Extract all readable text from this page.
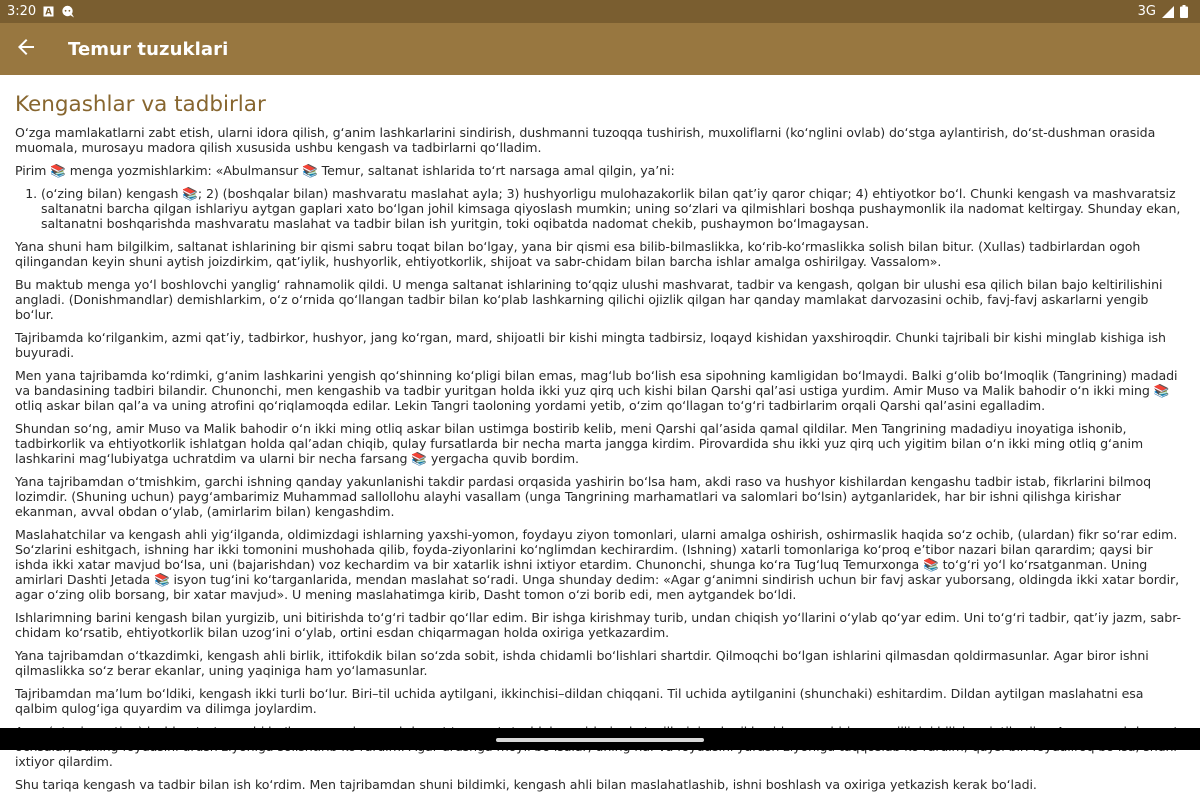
3:20 A	3G
Temur tuzuklari
Kengashlar va tadbirlar

O‘zga mamlakatlarni zabt etish, ularni idora qilish, g‘anim lashkarlarini sindirish, dushmanni tuzoqqa tushirish, muxoliflarni (ko‘nglini ovlab) do‘stga aylantirish, do‘st-dushman orasida muomala, murosayu madora qilish xususida ushbu kengash va tadbirlarni qo‘lladim.

Pirim 📚 menga yozmishlarkim: «Abulmansur 📚 Temur, saltanat ishlarida to‘rt narsaga amal qilgin, ya’ni:

1. (o‘zing bilan) kengash 📚; 2) (boshqalar bilan) mashvaratu maslahat ayla; 3) hushyorligu mulohazakorlik bilan qat’iy qaror chiqar; 4) ehtiyotkor bo‘l. Chunki kengash va mashvaratsiz saltanatni barcha qilgan ishlariyu aytgan gaplari xato bo‘lgan johil kimsaga qiyoslash mumkin; uning so‘zlari va qilmishlari boshqa pushaymonlik ila nadomat keltirgay. Shunday ekan, saltanatni boshqarishda mashvaratu maslahat va tadbir bilan ish yuritgin, toki oqibatda nadomat chekib, pushaymon bo‘lmagaysan.

Yana shuni ham bilgilkim, saltanat ishlarining bir qismi sabru toqat bilan bo‘lgay, yana bir qismi esa bilib-bilmaslikka, ko‘rib-ko‘rmaslikka solish bilan bitur. (Xullas) tadbirlardan ogoh qilingandan keyin shuni aytish joizdirkim, qat’iylik, hushyorlik, ehtiyotkorlik, shijoat va sabr-chidam bilan barcha ishlar amalga oshirilgay. Vassalom».

Bu maktub menga yo‘l boshlovchi yanglig‘ rahnamolik qildi. U menga saltanat ishlarining to‘qqiz ulushi mashvarat, tadbir va kengash, qolgan bir ulushi esa qilich bilan bajo keltirilishini angladi. (Donishmandlar) demishlarkim, o‘z o‘rnida qo‘llangan tadbir bilan ko‘plab lashkarning qilichi ojizlik qilgan har qanday mamlakat darvozasini ochib, favj-favj askarlarni yengib bo‘lur.

Tajribamda ko‘rilgankim, azmi qat’iy, tadbirkor, hushyor, jang ko‘rgan, mard, shijoatli bir kishi mingta tadbirsiz, loqayd kishidan yaxshiroqdir. Chunki tajribali bir kishi minglab kishiga ish buyuradi.

Men yana tajribamda ko‘rdimki, g‘anim lashkarini yengish qo‘shinning ko‘pligi bilan emas, mag‘lub bo‘lish esa sipohning kamligidan bo‘lmaydi. Balki g‘olib bo‘lmoqlik (Tangrining) madadi va bandasining tadbiri bilandir. Chunonchi, men kengashib va tadbir yuritgan holda ikki yuz qirq uch kishi bilan Qarshi qal’asi ustiga yurdim. Amir Muso va Malik bahodir o‘n ikki ming 📚 otliq askar bilan qal’a va uning atrofini qo‘riqlamoqda edilar. Lekin Tangri taoloning yordami yetib, o‘zim qo‘llagan to‘g‘ri tadbirlarim orqali Qarshi qal’asini egalladim.

Shundan so‘ng, amir Muso va Malik bahodir o‘n ikki ming otliq askar bilan ustimga bostirib kelib, meni Qarshi qal’asida qamal qildilar. Men Tangrining madadiyu inoyatiga ishonib, tadbirkorlik va ehtiyotkorlik ishlatgan holda qal’adan chiqib, qulay fursatlarda bir necha marta jangga kirdim. Pirovardida shu ikki yuz qirq uch yigitim bilan o‘n ikki ming otliq g‘anim lashkarini mag‘lubiyatga uchratdim va ularni bir necha farsang 📚 yergacha quvib bordim.

Yana tajribamdan o‘tmishkim, garchi ishning qanday yakunlanishi takdir pardasi orqasida yashirin bo‘lsa ham, akdi raso va hushyor kishilardan kengashu tadbir istab, fikrlarini bilmoq lozimdir. (Shuning uchun) payg‘ambarimiz Muhammad sallollohu alayhi vasallam (unga Tangrining marhamatlari va salomlari bo‘lsin) aytganlaridek, har bir ishni qilishga kirishar ekanman, avval obdan o‘ylab, (amirlarim bilan) kengashdim.

Maslahatchilar va kengash ahli yig‘ilganda, oldimizdagi ishlarning yaxshi-yomon, foydayu ziyon tomonlari, ularni amalga oshirish, oshirmaslik haqida so‘z ochib, (ulardan) fikr so‘rar edim. So‘zlarini eshitgach, ishning har ikki tomonini mushohada qilib, foyda-ziyonlarini ko‘nglimdan kechirardim. (Ishning) xatarli tomonlariga ko‘proq e’tibor nazari bilan qarardim; qaysi bir ishda ikki xatar mavjud bo‘lsa, uni (bajarishdan) voz kechardim va bir xatarlik ishni ixtiyor etardim. Chunonchi, shunga ko‘ra Tug‘luq Temurxonga 📚 to‘g‘ri yo‘l ko‘rsatganman. Uning amirlari Dashti Jetada 📚 isyon tug‘ini ko‘targanlarida, mendan maslahat so‘radi. Unga shunday dedim: «Agar g‘animni sindirish uchun bir favj askar yuborsang, oldingda ikki xatar bordir, agar o‘zing olib borsang, bir xatar mavjud». U mening maslahatimga kirib, Dasht tomon o‘zi borib edi, men aytgandek bo‘ldi.

Ishlarimning barini kengash bilan yurgizib, uni bitirishda to‘g‘ri tadbir qo‘llar edim. Bir ishga kirishmay turib, undan chiqish yo‘llarini o‘ylab qo‘yar edim. Uni to‘g‘ri tadbir, qat’iy jazm, sabr-chidam ko‘rsatib, ehtiyotkorlik bilan uzog‘ini o‘ylab, ortini esdan chiqarmagan holda oxiriga yetkazardim.

Yana tajribamdan o‘tkazdimki, kengash ahli birlik, ittifokdik bilan so‘zda sobit, ishda chidamli bo‘lishlari shartdir. Qilmoqchi bo‘lgan ishlarini qilmasdan qoldirmasunlar. Agar biror ishni qilmaslikka so‘z berar ekanlar, uning yaqiniga ham yo‘lamasunlar.

Tajribamdan ma’lum bo‘ldiki, kengash ikki turli bo‘lur. Biri–til uchida aytilgani, ikkinchisi–dildan chiqqani. Til uchida aytilganini (shunchaki) eshitardim. Dildan aytilgan maslahatni esa qalbim qulog‘iga quyardim va dilimga joylardim.

ixtiyor qilardim.

Shu tariqa kengash va tadbir bilan ish ko‘rdim. Men tajribamdan shuni bildimki, kengash ahli bilan maslahatlashib, ishni boshlash va oxiriga yetkazish kerak bo‘ladi.
